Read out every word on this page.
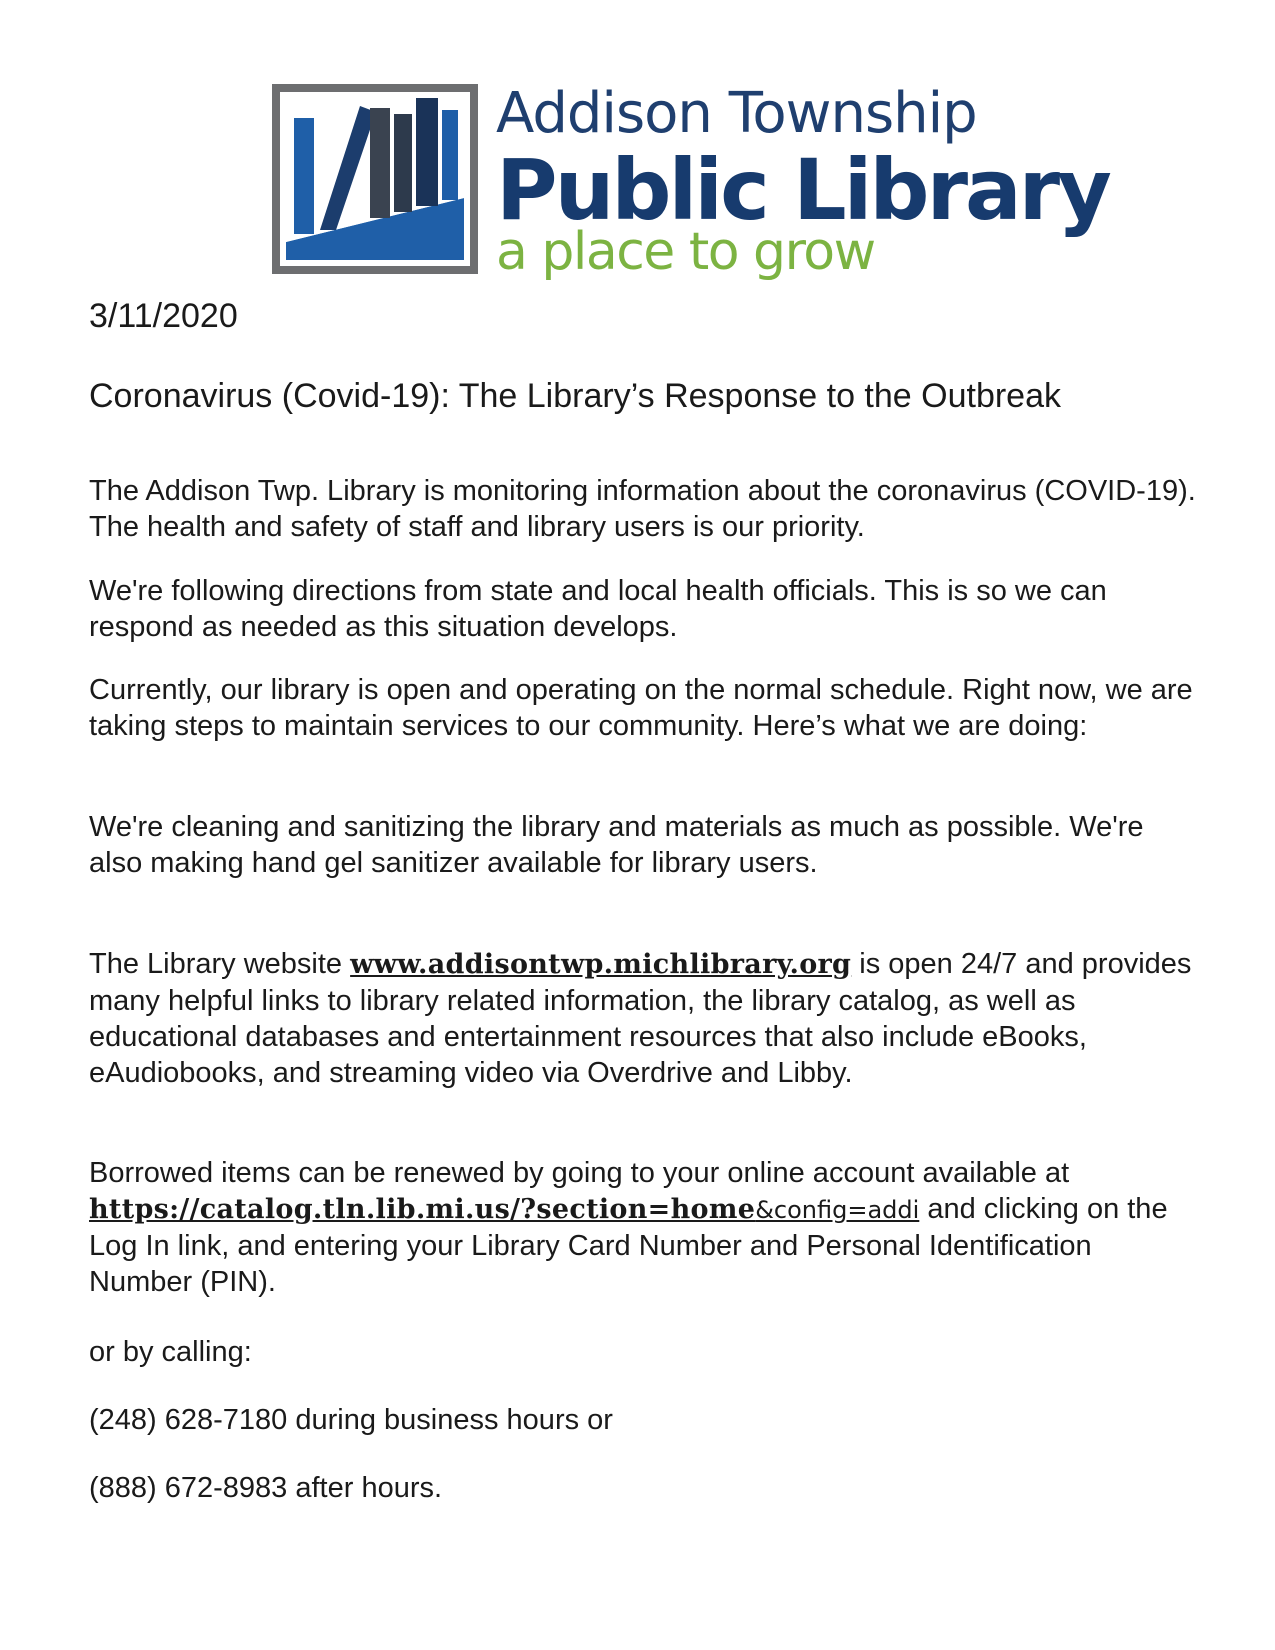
Addison Township
Public Library
a place to grow
3/11/2020
Coronavirus (Covid-19): The Library’s Response to the Outbreak

The Addison Twp. Library is monitoring information about the coronavirus (COVID-19). The health and safety of staff and library users is our priority.

We're following directions from state and local health officials. This is so we can respond as needed as this situation develops.

Currently, our library is open and operating on the normal schedule. Right now, we are taking steps to maintain services to our community. Here’s what we are doing:

We're cleaning and sanitizing the library and materials as much as possible. We're also making hand gel sanitizer available for library users.

The Library website www.addisontwp.michlibrary.org is open 24/7 and provides many helpful links to library related information, the library catalog, as well as educational databases and entertainment resources that also include eBooks, eAudiobooks, and streaming video via Overdrive and Libby.

Borrowed items can be renewed by going to your online account available at https://catalog.tln.lib.mi.us/?section=home&config=addi and clicking on the Log In link, and entering your Library Card Number and Personal Identification Number (PIN).

or by calling:

(248) 628-7180 during business hours or

(888) 672-8983 after hours.
